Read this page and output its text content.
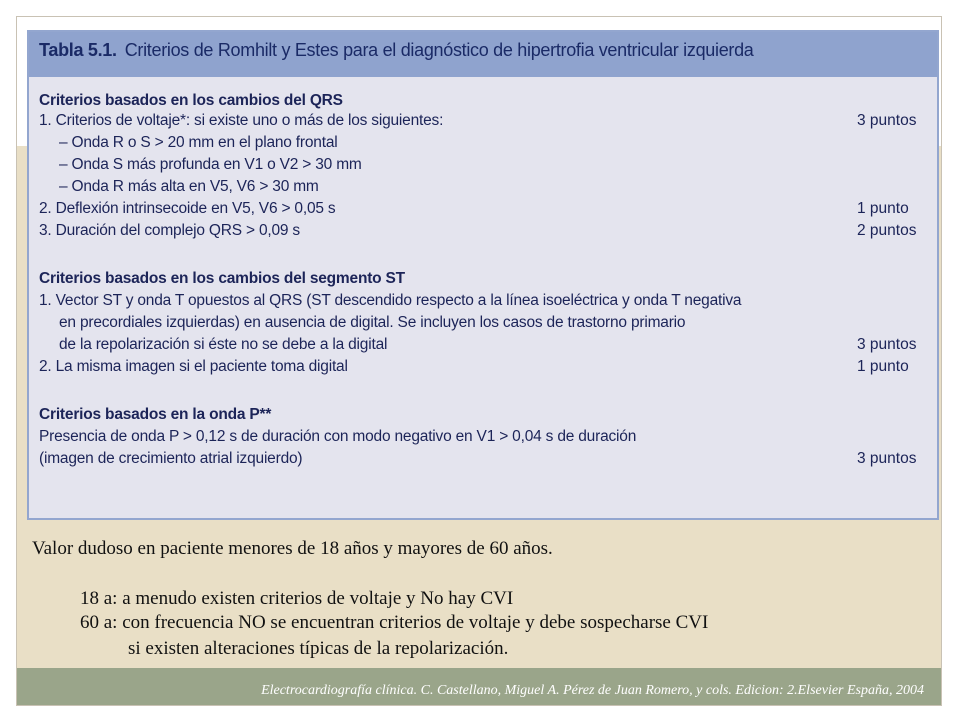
Electrocardiografía clínica. C. Castellano, Miguel A. Pérez de Juan Romero, y cols. Edicion: 2.Elsevier España, 2004
Tabla 5.1. Criterios de Romhilt y Estes para el diagnóstico de hipertrofia ventricular izquierda
Criterios basados en los cambios del QRS
1. Criterios de voltaje*: si existe uno o más de los siguientes:
– Onda R o S > 20 mm en el plano frontal
– Onda S más profunda en V1 o V2 > 30 mm
– Onda R más alta en V5, V6 > 30 mm
2. Deflexión intrinsecoide en V5, V6 > 0,05 s
3. Duración del complejo QRS > 0,09 s
3 puntos
1 punto
2 puntos
Criterios basados en los cambios del segmento ST
1. Vector ST y onda T opuestos al QRS (ST descendido respecto a la línea isoeléctrica y onda T negativa
en precordiales izquierdas) en ausencia de digital. Se incluyen los casos de trastorno primario
de la repolarización si éste no se debe a la digital
2. La misma imagen si el paciente toma digital
3 puntos
1 punto
Criterios basados en la onda P**
Presencia de onda P > 0,12 s de duración con modo negativo en V1 > 0,04 s de duración
(imagen de crecimiento atrial izquierdo)	3 puntos
Valor dudoso en paciente menores de 18 años y mayores de 60 años.
18 a: a menudo existen criterios de voltaje y No hay CVI
60 a: con frecuencia NO se encuentran criterios de voltaje y debe sospecharse CVI
si existen alteraciones típicas de la repolarización.
